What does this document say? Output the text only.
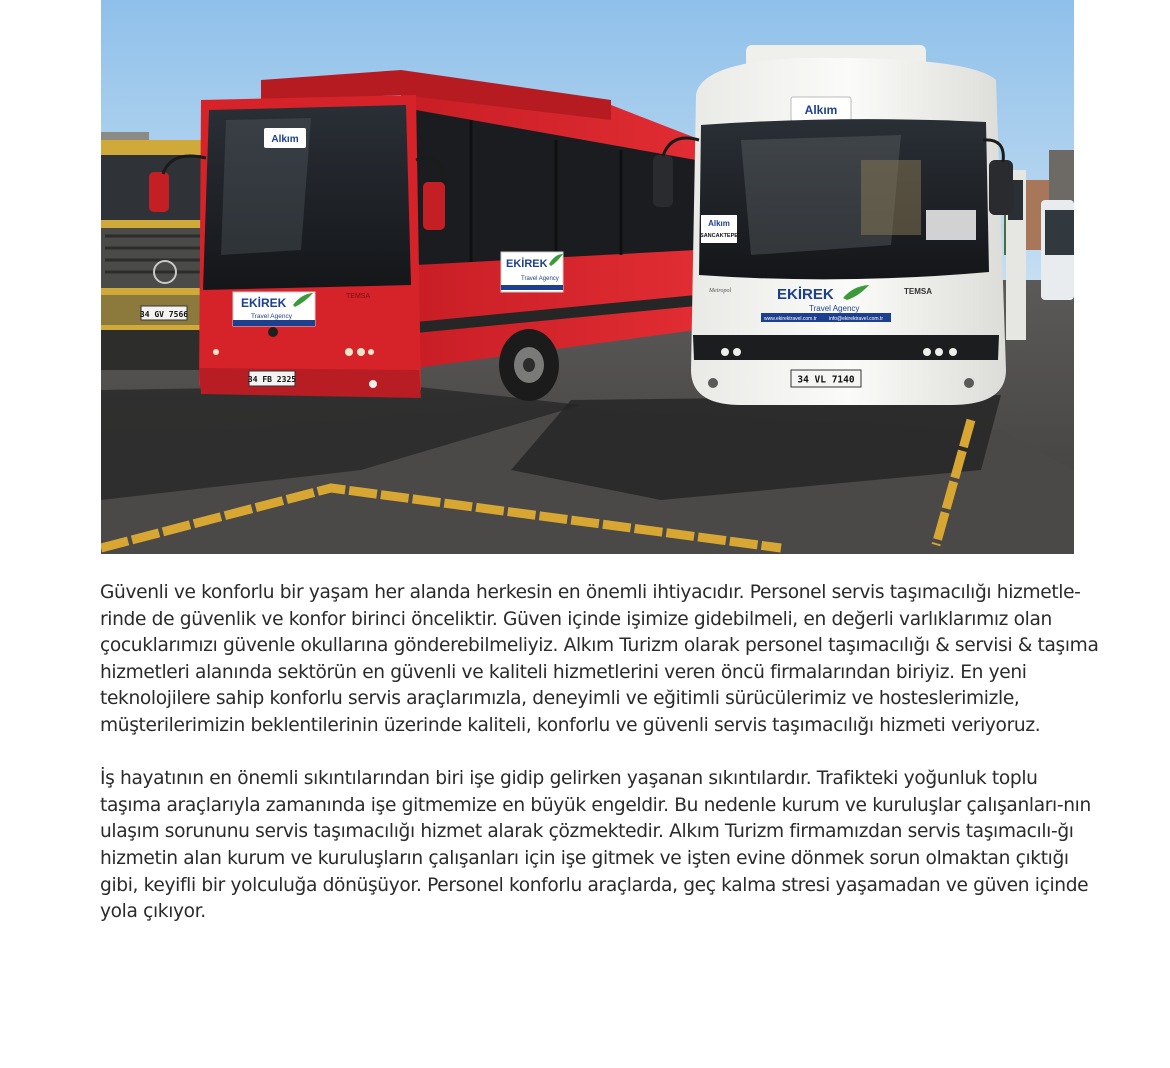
34 GV 7566
Alkım
EKİREK
Travel Agency
TEMSA
34 FB 2325
EKİREK
Travel Agency
Alkım
Alkım
SANCAKTEPE
EKİREK
Travel Agency
www.ekirektravel.com.tr info@ekirektravel.com.tr
Metropol	TEMSA
34 VL 7140

Güvenli ve konforlu bir yaşam her alanda herkesin en önemli ihtiyacıdır. Personel servis taşımacılığı hizmetle-rinde de güvenlik ve konfor birinci önceliktir. Güven içinde işimize gidebilmeli, en değerli varlıklarımız olan çocuklarımızı güvenle okullarına gönderebilmeliyiz. Alkım Turizm olarak personel taşımacılığı & servisi & taşıma hizmetleri alanında sektörün en güvenli ve kaliteli hizmetlerini veren öncü firmalarından biriyiz. En yeni teknolojilere sahip konforlu servis araçlarımızla, deneyimli ve eğitimli sürücülerimiz ve hosteslerimizle, müşterilerimizin beklentilerinin üzerinde kaliteli, konforlu ve güvenli servis taşımacılığı hizmeti veriyoruz.

İş hayatının en önemli sıkıntılarından biri işe gidip gelirken yaşanan sıkıntılardır. Trafikteki yoğunluk toplu taşıma araçlarıyla zamanında işe gitmemize en büyük engeldir. Bu nedenle kurum ve kuruluşlar çalışanları-nın ulaşım sorununu servis taşımacılığı hizmet alarak çözmektedir. Alkım Turizm firmamızdan servis taşımacılı-ğı hizmetin alan kurum ve kuruluşların çalışanları için işe gitmek ve işten evine dönmek sorun olmaktan çıktığı gibi, keyifli bir yolculuğa dönüşüyor. Personel konforlu araçlarda, geç kalma stresi yaşamadan ve güven içinde yola çıkıyor.
